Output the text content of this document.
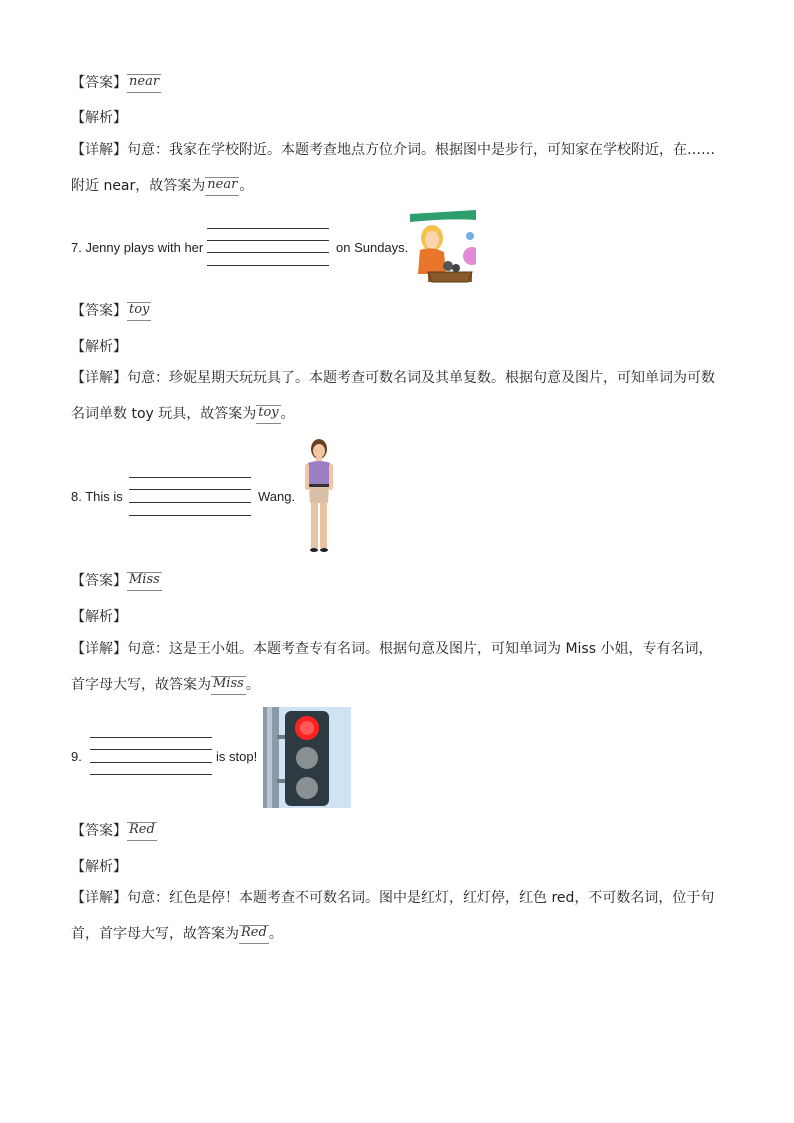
【答案】 near
【解析】
【详解】句意：我家在学校附近。本题考查地点方位介词。根据图中是步行，可知家在学校附近，在……
附近 near，故答案为 near 。
7. Jenny plays with her	on Sundays.
【答案】 toy
【解析】
【详解】句意：珍妮星期天玩玩具了。本题考查可数名词及其单复数。根据句意及图片，可知单词为可数
名词单数 toy 玩具，故答案为 toy 。
8. This is	Wang.
【答案】 Miss
【解析】
【详解】句意：这是王小姐。本题考查专有名词。根据句意及图片，可知单词为 Miss 小姐，专有名词，
首字母大写，故答案为 Miss 。
9.	is stop!
【答案】 Red
【解析】
【详解】句意：红色是停！本题考查不可数名词。图中是红灯，红灯停，红色 red，不可数名词，位于句
首，首字母大写，故答案为 Red 。
